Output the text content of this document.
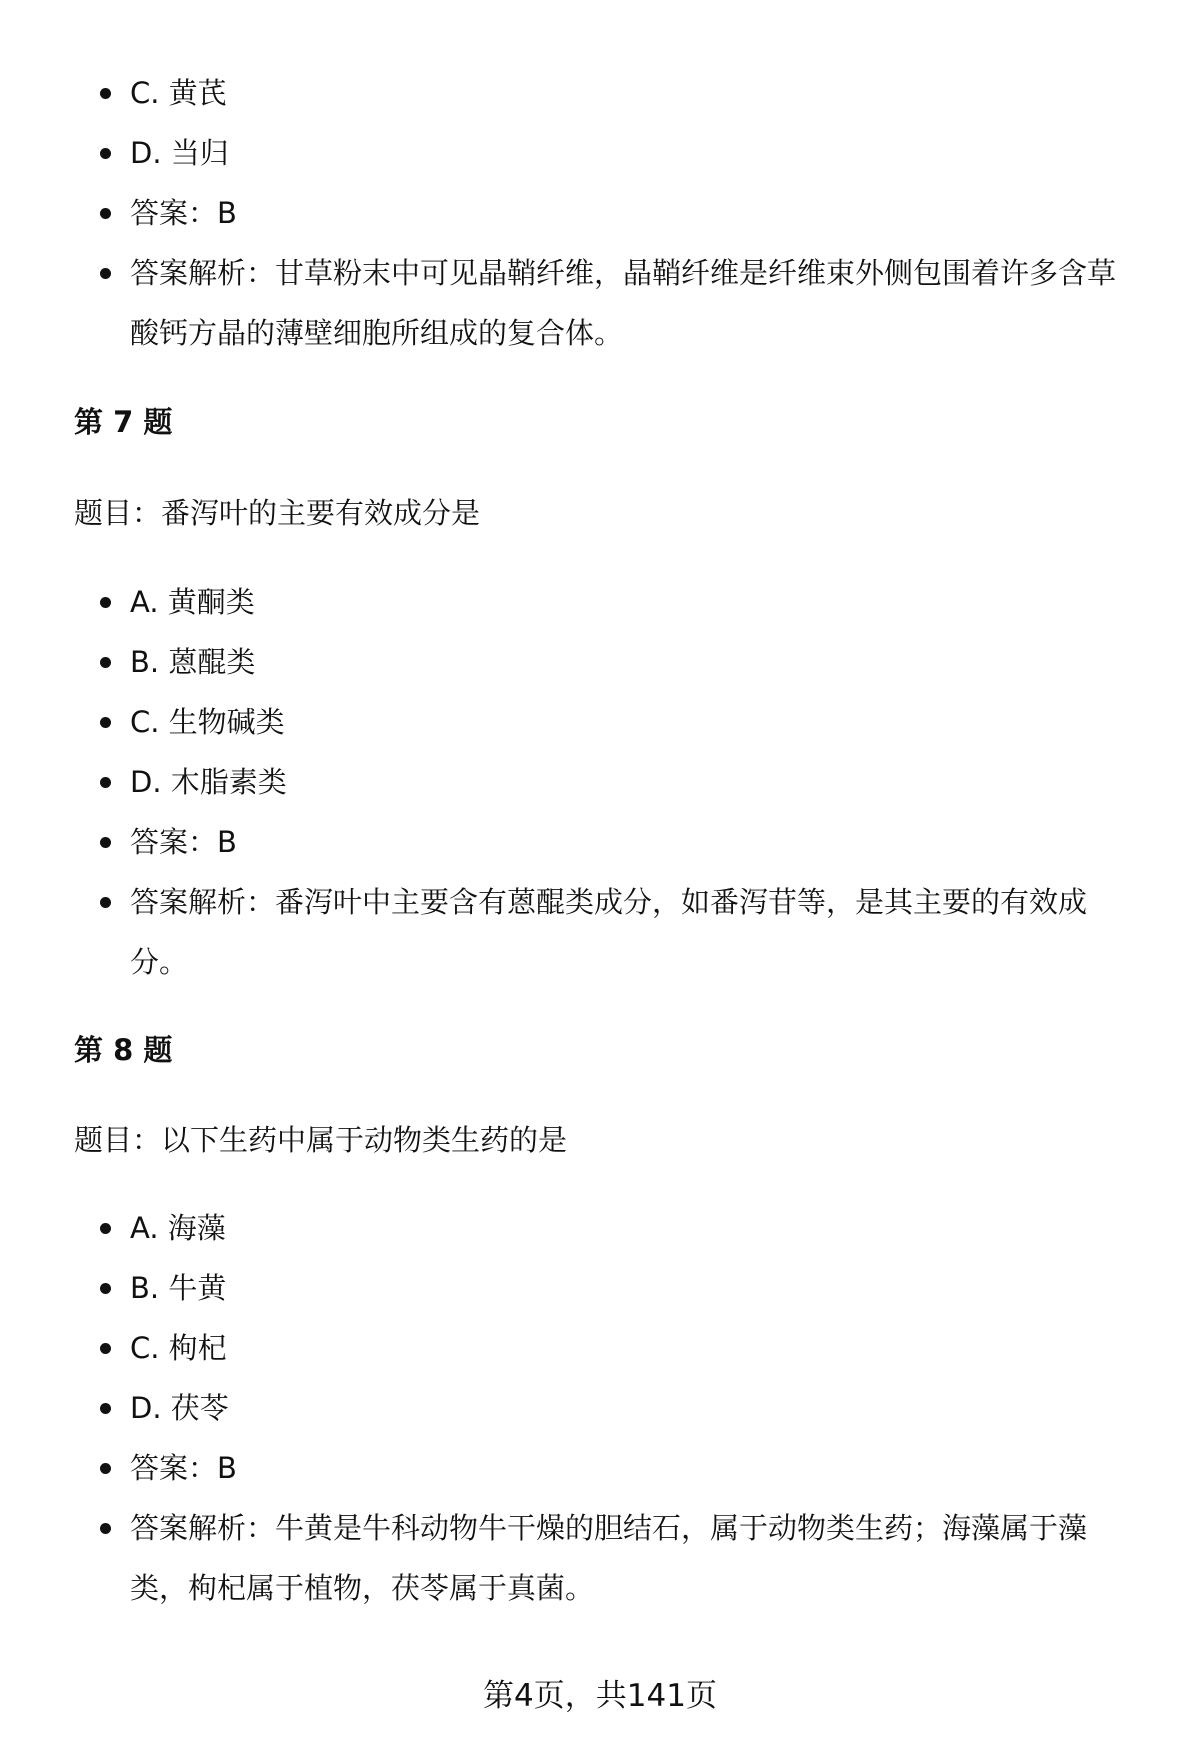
C. 黄芪
D. 当归
答案：B
答案解析：甘草粉末中可见晶鞘纤维，晶鞘纤维是纤维束外侧包围着许多含草酸钙方晶的薄壁细胞所组成的复合体。
第 7 题
题目：番泻叶的主要有效成分是
A. 黄酮类
B. 蒽醌类
C. 生物碱类
D. 木脂素类
答案：B
答案解析：番泻叶中主要含有蒽醌类成分，如番泻苷等，是其主要的有效成分。
第 8 题
题目：以下生药中属于动物类生药的是
A. 海藻
B. 牛黄
C. 枸杞
D. 茯苓
答案：B
答案解析：牛黄是牛科动物牛干燥的胆结石，属于动物类生药；海藻属于藻类，枸杞属于植物，茯苓属于真菌。
第4页，共141页
